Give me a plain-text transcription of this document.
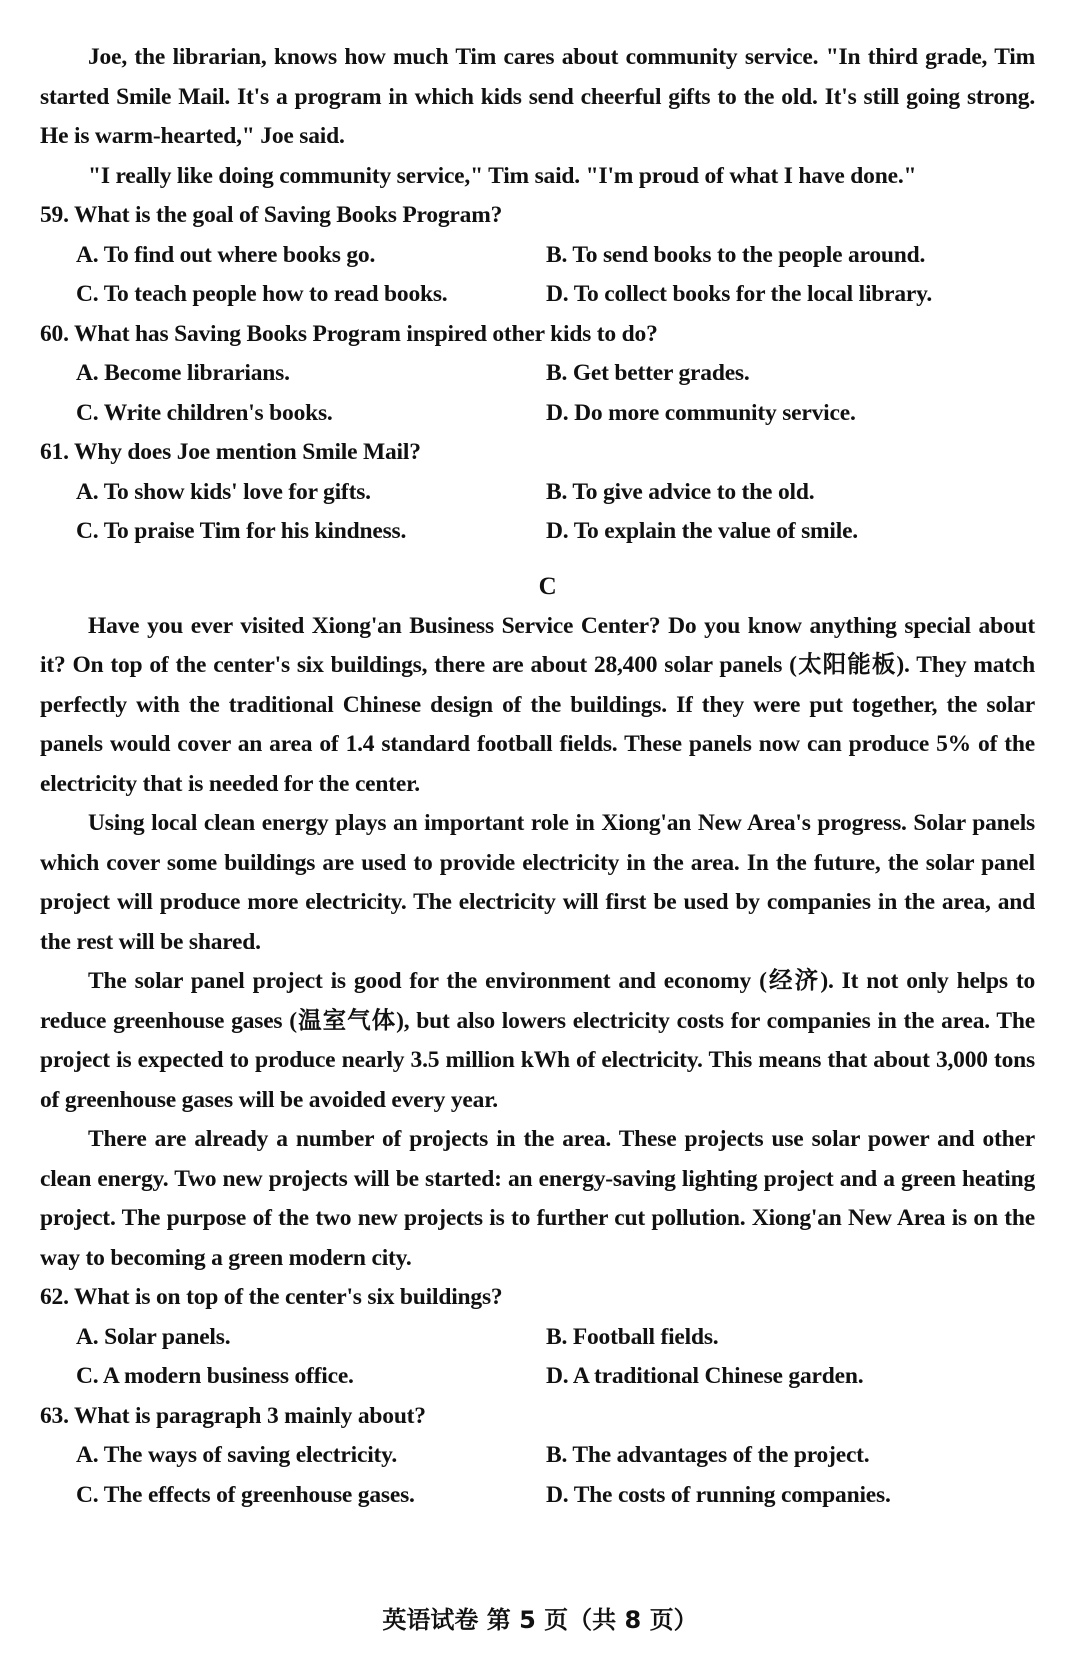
Joe, the librarian, knows how much Tim cares about community service. "In third grade, Tim started Smile Mail. It's a program in which kids send cheerful gifts to the old. It's still going strong. He is warm-hearted," Joe said.

"I really like doing community service," Tim said. "I'm proud of what I have done."

59. What is the goal of Saving Books Program?

A. To find out where books go.	B. To send books to the people around.
C. To teach people how to read books.	D. To collect books for the local library.

60. What has Saving Books Program inspired other kids to do?

A. Become librarians.	B. Get better grades.
C. Write children's books.	D. Do more community service.

61. Why does Joe mention Smile Mail?

A. To show kids' love for gifts.	B. To give advice to the old.
C. To praise Tim for his kindness.	D. To explain the value of smile.

C

Have you ever visited Xiong'an Business Service Center? Do you know anything special about it? On top of the center's six buildings, there are about 28,400 solar panels (太阳能板). They match perfectly with the traditional Chinese design of the buildings. If they were put together, the solar panels would cover an area of 1.4 standard football fields. These panels now can produce 5% of the electricity that is needed for the center.

Using local clean energy plays an important role in Xiong'an New Area's progress. Solar panels which cover some buildings are used to provide electricity in the area. In the future, the solar panel project will produce more electricity. The electricity will first be used by companies in the area, and the rest will be shared.

The solar panel project is good for the environment and economy (经济). It not only helps to reduce greenhouse gases (温室气体), but also lowers electricity costs for companies in the area. The project is expected to produce nearly 3.5 million kWh of electricity. This means that about 3,000 tons of greenhouse gases will be avoided every year.

There are already a number of projects in the area. These projects use solar power and other clean energy. Two new projects will be started: an energy-saving lighting project and a green heating project. The purpose of the two new projects is to further cut pollution. Xiong'an New Area is on the way to becoming a green modern city.

62. What is on top of the center's six buildings?

A. Solar panels.	B. Football fields.
C. A modern business office.	D. A traditional Chinese garden.

63. What is paragraph 3 mainly about?

A. The ways of saving electricity.	B. The advantages of the project.
C. The effects of greenhouse gases.	D. The costs of running companies.
英语试卷 第 5 页（共 8 页）
